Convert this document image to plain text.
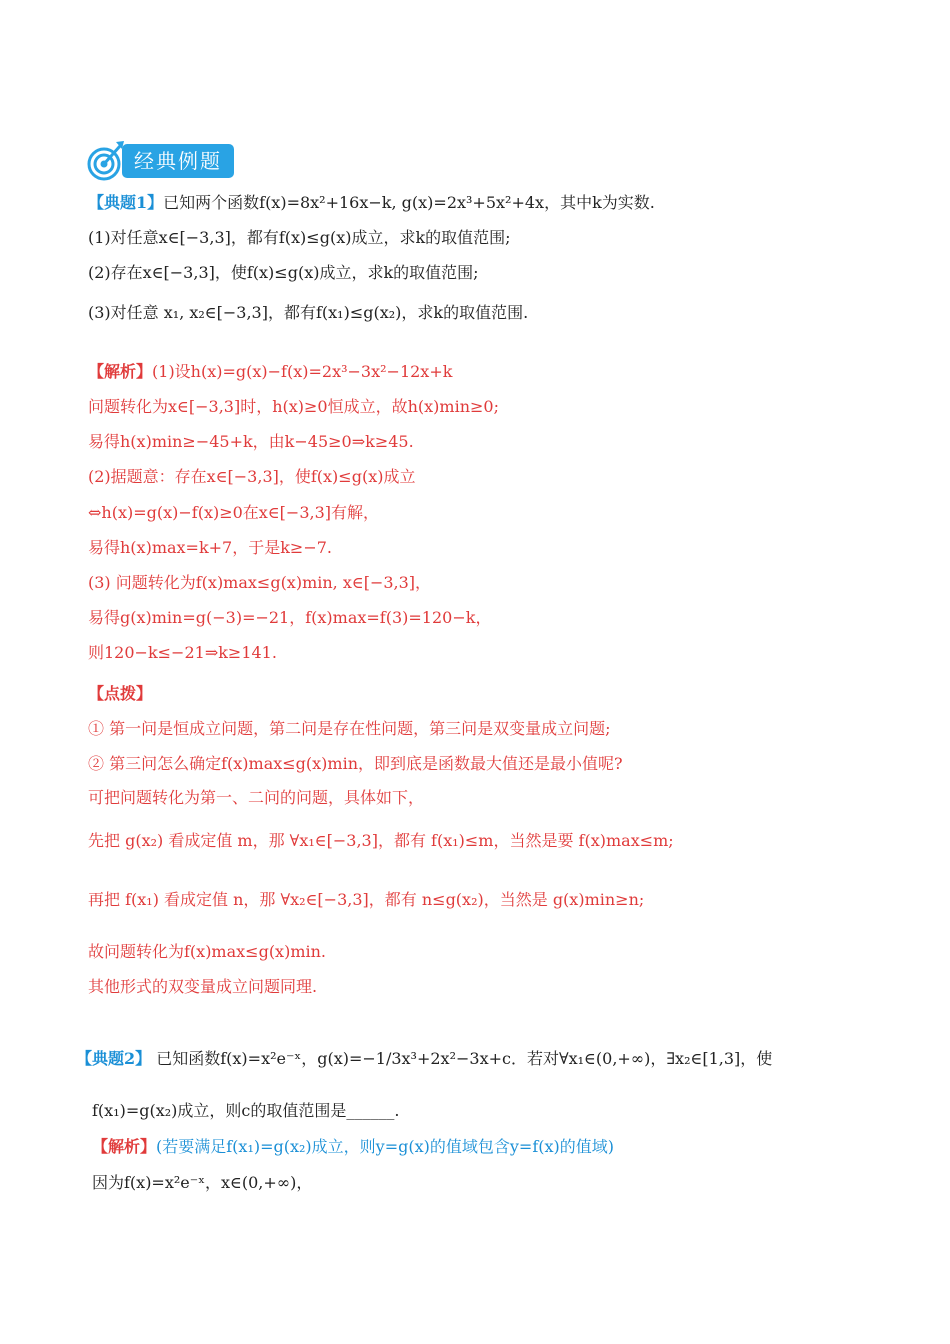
经典例题
【典题1】已知两个函数f(x)=8x²+16x−k, g(x)=2x³+5x²+4x，其中k为实数.
(1)对任意x∈[−3,3]，都有f(x)≤g(x)成立，求k的取值范围;
(2)存在x∈[−3,3]，使f(x)≤g(x)成立，求k的取值范围;
(3)对任意 x₁, x₂∈[−3,3]，都有f(x₁)≤g(x₂)，求k的取值范围.
【解析】(1)设h(x)=g(x)−f(x)=2x³−3x²−12x+k
问题转化为x∈[−3,3]时，h(x)≥0恒成立，故h(x)min≥0;
易得h(x)min≥−45+k，由k−45≥0⇒k≥45.
(2)据题意：存在x∈[−3,3]，使f(x)≤g(x)成立
⇔h(x)=g(x)−f(x)≥0在x∈[−3,3]有解，
易得h(x)max=k+7，于是k≥−7.
(3) 问题转化为f(x)max≤g(x)min, x∈[−3,3]，
易得g(x)min=g(−3)=−21，f(x)max=f(3)=120−k，
则120−k≤−21⇒k≥141.
【点拨】
① 第一问是恒成立问题，第二问是存在性问题，第三问是双变量成立问题;
② 第三问怎么确定f(x)max≤g(x)min，即到底是函数最大值还是最小值呢?
可把问题转化为第一、二问的问题，具体如下，
先把 g(x₂) 看成定值 m，那 ∀x₁∈[−3,3]，都有 f(x₁)≤m，当然是要 f(x)max≤m;
再把 f(x₁) 看成定值 n，那 ∀x₂∈[−3,3]，都有 n≤g(x₂)，当然是 g(x)min≥n;
故问题转化为f(x)max≤g(x)min.
其他形式的双变量成立问题同理.
【典题2】 已知函数f(x)=x²e⁻ˣ，g(x)=−1/3x³+2x²−3x+c．若对∀x₁∈(0,+∞)，∃x₂∈[1,3]，使
f(x₁)=g(x₂)成立，则c的取值范围是______.
【解析】(若要满足f(x₁)=g(x₂)成立，则y=g(x)的值域包含y=f(x)的值域)
因为f(x)=x²e⁻ˣ，x∈(0,+∞)，
